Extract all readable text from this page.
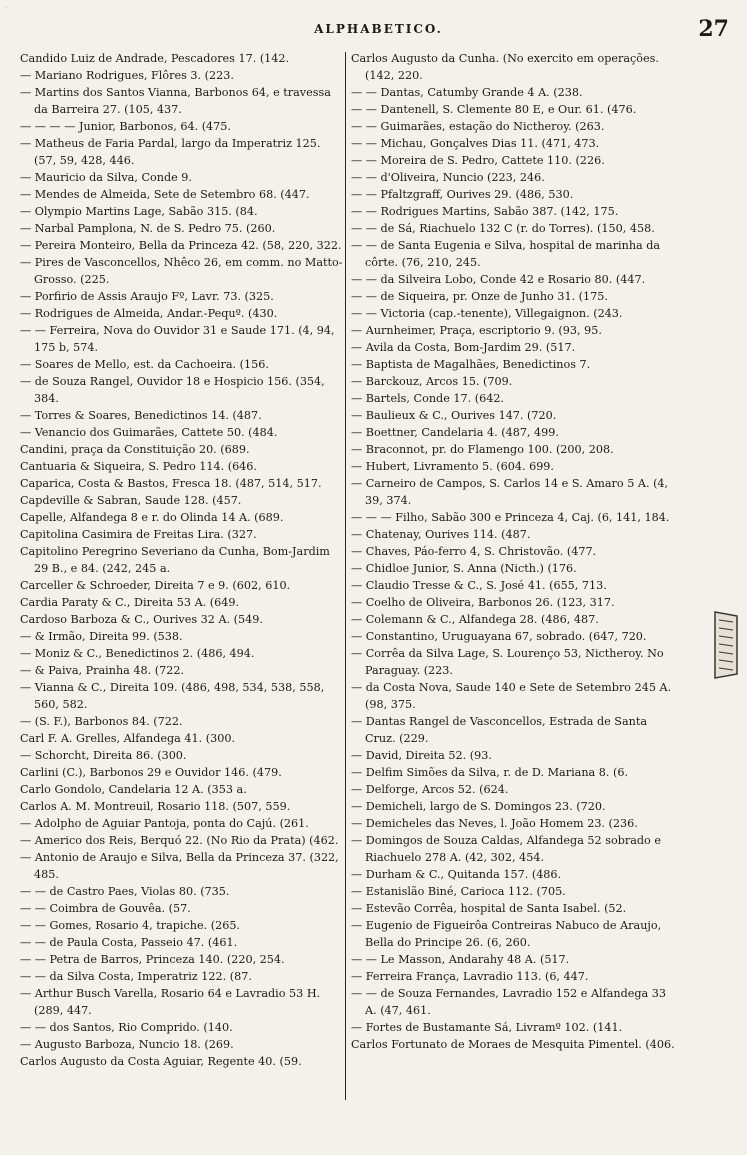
·
ALPHABETICO.	27

Candido Luiz de Andrade, Pescadores 17. (142.

— Mariano Rodrigues, Flôres 3. (223.

— Martins dos Santos Vianna, Barbonos 64, e travessa da Barreira 27. (105, 437.

— — — — Junior, Barbonos, 64. (475.

— Matheus de Faria Pardal, largo da Imperatriz 125. (57, 59, 428, 446.

— Mauricio da Silva, Conde 9.

— Mendes de Almeida, Sete de Setembro 68. (447.

— Olympio Martins Lage, Sabão 315. (84.

— Narbal Pamplona, N. de S. Pedro 75. (260.

— Pereira Monteiro, Bella da Princeza 42. (58, 220, 322.

— Pires de Vasconcellos, Nhêco 26, em comm. no Matto-Grosso. (225.

— Porfirio de Assis Araujo Fº, Lavr. 73. (325.

— Rodrigues de Almeida, Andar.-Pequº. (430.

— — Ferreira, Nova do Ouvidor 31 e Saude 171. (4, 94, 175 b, 574.

— Soares de Mello, est. da Cachoeira. (156.

— de Souza Rangel, Ouvidor 18 e Hospicio 156. (354, 384.

— Torres & Soares, Benedictinos 14. (487.

— Venancio dos Guimarães, Cattete 50. (484.

Candini, praça da Constituição 20. (689.

Cantuaria & Siqueira, S. Pedro 114. (646.

Caparica, Costa & Bastos, Fresca 18. (487, 514, 517.

Capdeville & Sabran, Saude 128. (457.

Capelle, Alfandega 8 e r. do Olinda 14 A. (689.

Capitolina Casimira de Freitas Lira. (327.

Capitolino Peregrino Severiano da Cunha, Bom-Jardim 29 B., e 84. (242, 245 a.

Carceller & Schroeder, Direita 7 e 9. (602, 610.

Cardia Paraty & C., Direita 53 A. (649.

Cardoso Barboza & C., Ourives 32 A. (549.

— & Irmão, Direita 99. (538.

— Moniz & C., Benedictinos 2. (486, 494.

— & Paiva, Prainha 48. (722.

— Vianna & C., Direita 109. (486, 498, 534, 538, 558, 560, 582.

— (S. F.), Barbonos 84. (722.

Carl F. A. Grelles, Alfandega 41. (300.

— Schorcht, Direita 86. (300.

Carlini (C.), Barbonos 29 e Ouvidor 146. (479.

Carlo Gondolo, Candelaria 12 A. (353 a.

Carlos A. M. Montreuil, Rosario 118. (507, 559.

— Adolpho de Aguiar Pantoja, ponta do Cajú. (261.

— Americo dos Reis, Berquó 22. (No Rio da Prata) (462.

— Antonio de Araujo e Silva, Bella da Princeza 37. (322, 485.

— — de Castro Paes, Violas 80. (735.

— — Coimbra de Gouvêa. (57.

— — Gomes, Rosario 4, trapiche. (265.

— — de Paula Costa, Passeio 47. (461.

— — Petra de Barros, Princeza 140. (220, 254.

— — da Silva Costa, Imperatriz 122. (87.

— Arthur Busch Varella, Rosario 64 e Lavradio 53 H. (289, 447.

— — dos Santos, Rio Comprido. (140.

— Augusto Barboza, Nuncio 18. (269.

Carlos Augusto da Costa Aguiar, Regente 40. (59.

Carlos Augusto da Cunha. (No exercito em operações. (142, 220.

— — Dantas, Catumby Grande 4 A. (238.

— — Dantenell, S. Clemente 80 E, e Our. 61. (476.

— — Guimarães, estação do Nictheroy. (263.

— — Michau, Gonçalves Dias 11. (471, 473.

— — Moreira de S. Pedro, Cattete 110. (226.

— — d'Oliveira, Nuncio (223, 246.

— — Pfaltzgraff, Ourives 29. (486, 530.

— — Rodrigues Martins, Sabão 387. (142, 175.

— — de Sá, Riachuelo 132 C (r. do Torres). (150, 458.

— — de Santa Eugenia e Silva, hospital de marinha da côrte. (76, 210, 245.

— — da Silveira Lobo, Conde 42 e Rosario 80. (447.

— — de Siqueira, pr. Onze de Junho 31. (175.

— — Victoria (cap.-tenente), Villegaignon. (243.

— Aurnheimer, Praça, escriptorio 9. (93, 95.

— Avila da Costa, Bom-Jardim 29. (517.

— Baptista de Magalhães, Benedictinos 7.

— Barckouz, Arcos 15. (709.

— Bartels, Conde 17. (642.

— Baulieux & C., Ourives 147. (720.

— Boettner, Candelaria 4. (487, 499.

— Braconnot, pr. do Flamengo 100. (200, 208.

— Hubert, Livramento 5. (604. 699.

— Carneiro de Campos, S. Carlos 14 e S. Amaro 5 A. (4, 39, 374.

— — — Filho, Sabão 300 e Princeza 4, Caj. (6, 141, 184.

— Chatenay, Ourives 114. (487.

— Chaves, Páo-ferro 4, S. Christovão. (477.

— Chidloe Junior, S. Anna (Nicth.) (176.

— Claudio Tresse & C., S. José 41. (655, 713.

— Coelho de Oliveira, Barbonos 26. (123, 317.

— Colemann & C., Alfandega 28. (486, 487.

— Constantino, Uruguayana 67, sobrado. (647, 720.

— Corrêa da Silva Lage, S. Lourenço 53, Nictheroy. No Paraguay. (223.

— da Costa Nova, Saude 140 e Sete de Setembro 245 A. (98, 375.

— Dantas Rangel de Vasconcellos, Estrada de Santa Cruz. (229.

— David, Direita 52. (93.

— Delfim Simões da Silva, r. de D. Mariana 8. (6.

— Delforge, Arcos 52. (624.

— Demicheli, largo de S. Domingos 23. (720.

— Demicheles das Neves, l. João Homem 23. (236.

— Domingos de Souza Caldas, Alfandega 52 sobrado e Riachuelo 278 A. (42, 302, 454.

— Durham & C., Quitanda 157. (486.

— Estanislão Biné, Carioca 112. (705.

— Estevão Corrêa, hospital de Santa Isabel. (52.

— Eugenio de Figueirôa Contreiras Nabuco de Araujo, Bella do Principe 26. (6, 260.

— — Le Masson, Andarahy 48 A. (517.

— Ferreira França, Lavradio 113. (6, 447.

— — de Souza Fernandes, Lavradio 152 e Alfandega 33 A. (47, 461.

— Fortes de Bustamante Sá, Livramº 102. (141.

Carlos Fortunato de Moraes de Mesquita Pimentel. (406.
